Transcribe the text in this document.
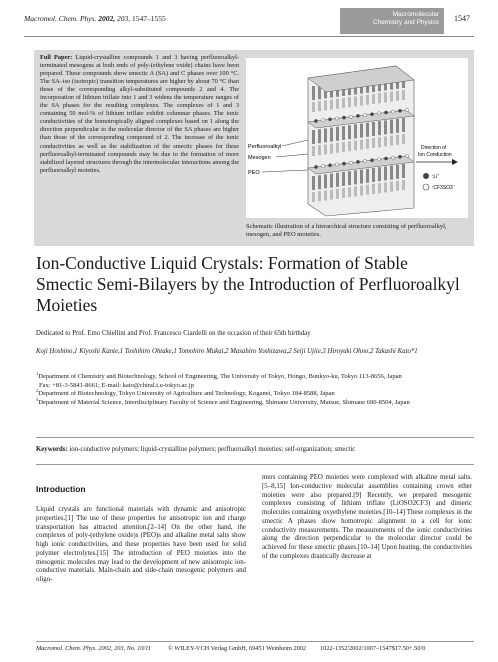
Macromol. Chem. Phys. 2002, 203, 1547–1555	Macromolecular
Chemistry and Physics 1547
Full Paper: Liquid-crystalline compounds 1 and 3 having perfluoroalkyl-terminated mesogens at both ends of poly-(ethylene oxide) chains have been prepared. These compounds show smectic A (SA) and C phases over 100 °C. The SA–iso (isotropic) transition temperatures are higher by about 70 °C than those of the corresponding alkyl-substituted compounds 2 and 4. The incorporation of lithium triflate into 1 and 3 widens the temperature ranges of the SA phases for the resulting complexes. The complexes of 1 and 3 containing 50 mol-% of lithium triflate exhibit columnar phases. The ionic conductivities of the homotropically aligned complexes based on 1 along the direction perpendicular to the molecular director of the SA phases are higher than those of the corresponding compound of 2. The increase of the ionic conductivities as well as the stabilization of the smectic phases for these perfluoroalkyl-terminated compounds may be due to the formation of more stabilized layered structures through the intermolecular interactions among the perfluoroalkyl moieties.
Perfluoroalkyl
Mesogen
PEO
Direction of
Ion Conduction
:Li+
:CF3SO3−
Schematic illustration of a hierarchical structure consisting of perfluoroalkyl, mesogen, and PEO moieties.
Ion-Conductive Liquid Crystals: Formation of Stable Smectic Semi-Bilayers by the Introduction of Perfluoroalkyl Moieties
Dedicated to Prof. Emo Chiellini and Prof. Francesco Ciardelli on the occasion of their 65th birthday
Koji Hoshino,1 Kiyoshi Kanie,1 Toshihiro Ohtake,1 Tomohiro Mukai,2 Masahiro Yoshizawa,2 Seiji Ujiie,3 Hiroyuki Ohno,2 Takashi Kato*1
$^1$Department of Chemistry and Biotechnology, School of Engineering, The University of Tokyo, Hongo, Bunkyo-ku, Tokyo 113-8656, Japan
Fax: +81-3-5841-8661; E-mail: kato@chiral.t.u-tokyo.ac.jp
$^2$Department of Biotechnology, Tokyo University of Agriculture and Technology, Koganei, Tokyo 184-8588, Japan
$^3$Department of Material Science, Interdisciplinary Faculty of Science and Engineering, Shimane University, Matsue, Shimane 690-8504, Japan
Keywords: ion-conductive polymers; liquid-crystalline polymers; perfluoroalkyl moieties; self-organization; smectic
Introduction
Liquid crystals are functional materials with dynamic and anisotropic properties.[1] The use of these properties for anisotropic ion and charge transportation has attracted attention.[2–14] On the other hand, the complexes of poly-(ethylene oxide)s (PEO)s and alkaline metal salts show high ionic conductivities, and these properties have been used for solid polymer electrolytes.[15] The introduction of PEO moieties into the mesogenic molecules may lead to the development of new anisotropic ion-conductive materials. Main-chain and side-chain mesogenic polymers and oligo-
mers containing PEO moieties were complexed with alkaline metal salts.[5–8,15] Ion-conductive molecular assemblies containing crown ether moieties were also prepared.[9] Recently, we prepared mesogenic complexes consisting of lithium triflate (LiOSO2CF3) and dimeric molecules containing oxyethylene moieties.[10–14] These complexes in the smectic A phases show homotropic alignment in a cell for ionic conductivity measurements. The measurements of the ionic conductivities along the direction perpendicular to the molecular director could be achieved for these smectic phases.[10–14] Upon heating, the conductivities of the complexes drastically decrease at
Macromol. Chem. Phys. 2002, 203, No. 10/11	© WILEY-VCH Verlag GmbH, 69451 Weinheim 2002 1022-1352/2002/1007–1547$17.50+.50/0
